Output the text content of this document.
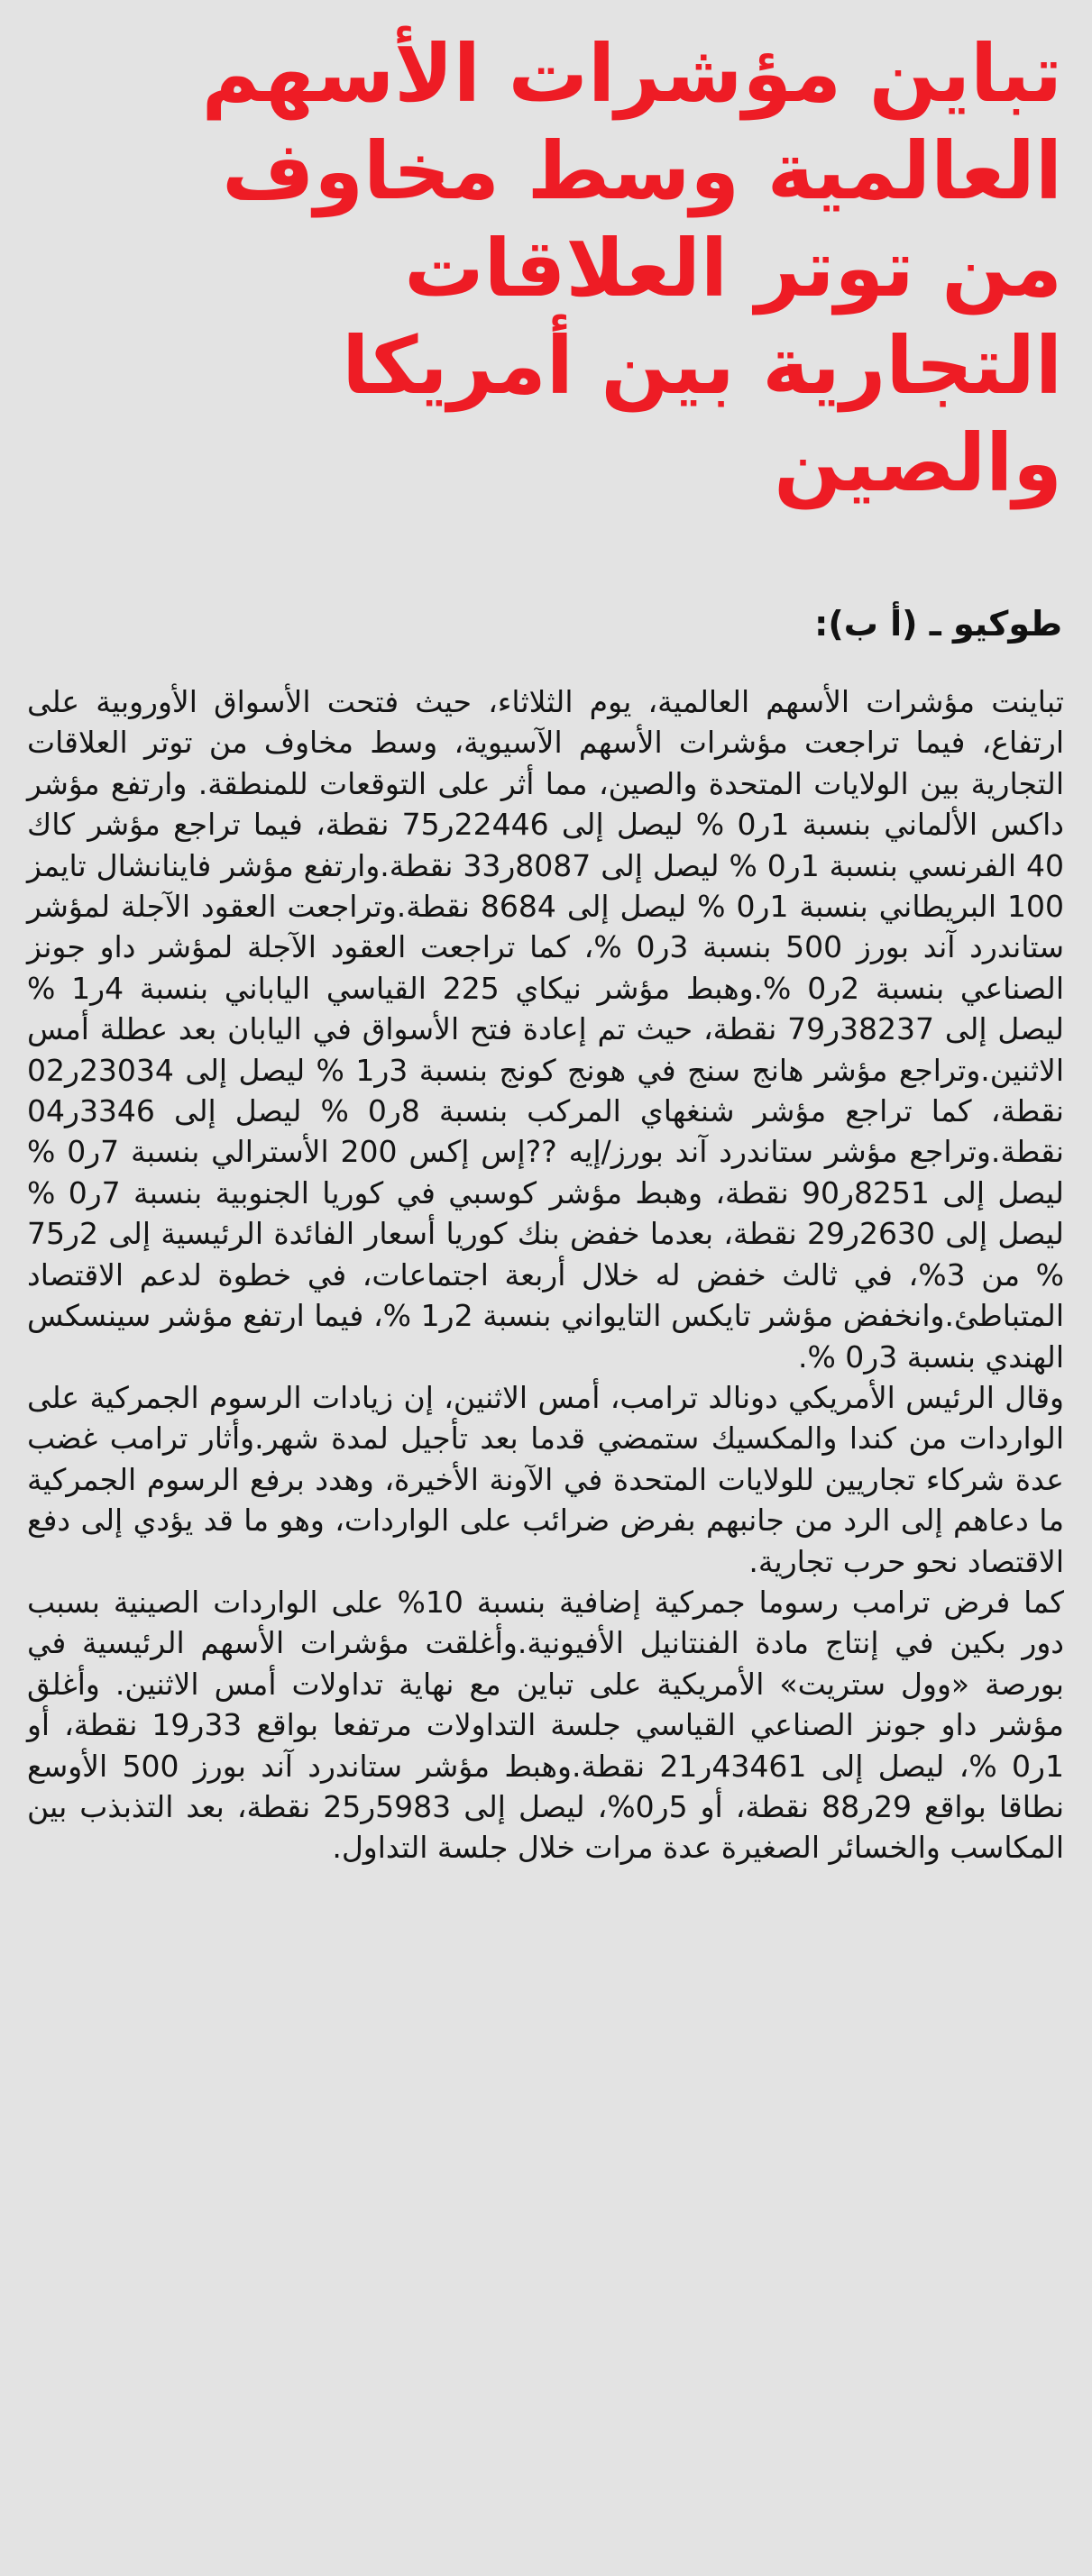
تباين مؤشرات الأسهم العالمية وسط مخاوف من توتر العلاقات التجارية بين أمريكا والصين
طوكيو ـ (أ ب):

تباينت مؤشرات الأسهم العالمية، يوم الثلاثاء، حيث فتحت الأسواق الأوروبية على ارتفاع، فيما تراجعت مؤشرات الأسهم الآسيوية، وسط مخاوف من توتر العلاقات التجارية بين الولايات المتحدة والصين، مما أثر على التوقعات للمنطقة. وارتفع مؤشر داكس الألماني بنسبة 1ر0 % ليصل إلى 22446ر75 نقطة، فيما تراجع مؤشر كاك 40 الفرنسي بنسبة 1ر0 % ليصل إلى 8087ر33 نقطة.وارتفع مؤشر فاينانشال تايمز 100 البريطاني بنسبة 1ر0 % ليصل إلى 8684 نقطة.وتراجعت العقود الآجلة لمؤشر ستاندرد آند بورز 500 بنسبة 3ر0 %، كما تراجعت العقود الآجلة لمؤشر داو جونز الصناعي بنسبة 2ر0 %.وهبط مؤشر نيكاي 225 القياسي الياباني بنسبة 4ر1 % ليصل إلى 38237ر79 نقطة، حيث تم إعادة فتح الأسواق في اليابان بعد عطلة أمس الاثنين.وتراجع مؤشر هانج سنج في هونج كونج بنسبة 3ر1 % ليصل إلى 23034ر02 نقطة، كما تراجع مؤشر شنغهاي المركب بنسبة 8ر0 % ليصل إلى 3346ر04 نقطة.وتراجع مؤشر ستاندرد آند بورز/إيه ??إس إكس 200 الأسترالي بنسبة 7ر0 % ليصل إلى 8251ر90 نقطة، وهبط مؤشر كوسبي في كوريا الجنوبية بنسبة 7ر0 % ليصل إلى 2630ر29 نقطة، بعدما خفض بنك كوريا أسعار الفائدة الرئيسية إلى 2ر75 % من 3%، في ثالث خفض له خلال أربعة اجتماعات، في خطوة لدعم الاقتصاد المتباطئ.وانخفض مؤشر تايكس التايواني بنسبة 2ر1 %، فيما ارتفع مؤشر سينسكس الهندي بنسبة 3ر0 %.

وقال الرئيس الأمريكي دونالد ترامب، أمس الاثنين، إن زيادات الرسوم الجمركية على الواردات من كندا والمكسيك ستمضي قدما بعد تأجيل لمدة شهر.وأثار ترامب غضب عدة شركاء تجاريين للولايات المتحدة في الآونة الأخيرة، وهدد برفع الرسوم الجمركية ما دعاهم إلى الرد من جانبهم بفرض ضرائب على الواردات، وهو ما قد يؤدي إلى دفع الاقتصاد نحو حرب تجارية.

كما فرض ترامب رسوما جمركية إضافية بنسبة 10% على الواردات الصينية بسبب دور بكين في إنتاج مادة الفنتانيل الأفيونية.وأغلقت مؤشرات الأسهم الرئيسية في بورصة «وول ستريت» الأمريكية على تباين مع نهاية تداولات أمس الاثنين. وأغلق مؤشر داو جونز الصناعي القياسي جلسة التداولات مرتفعا بواقع 33ر19 نقطة، أو 1ر0 %، ليصل إلى 43461ر21 نقطة.وهبط مؤشر ستاندرد آند بورز 500 الأوسع نطاقا بواقع 29ر88 نقطة، أو 5ر0%، ليصل إلى 5983ر25 نقطة، بعد التذبذب بين المكاسب والخسائر الصغيرة عدة مرات خلال جلسة التداول.
